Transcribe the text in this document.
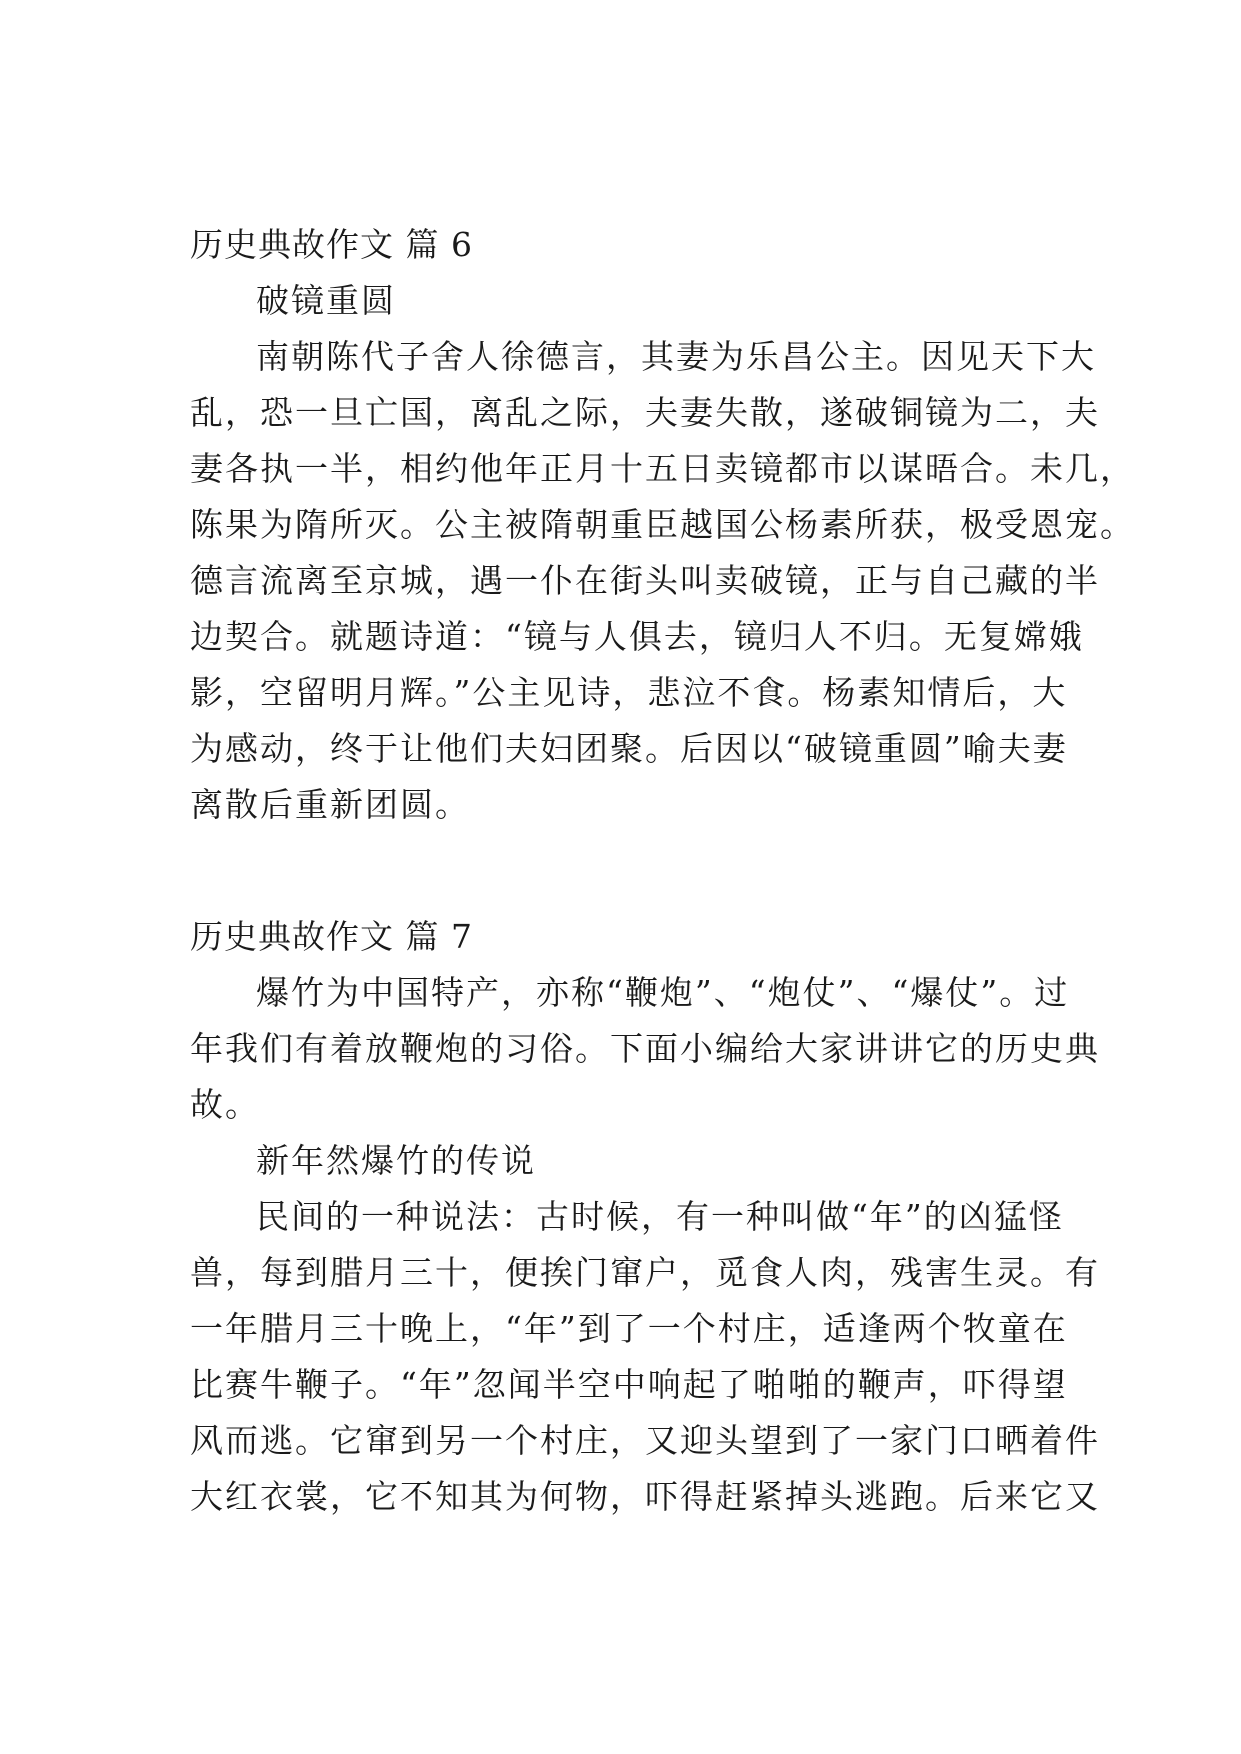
历史典故作文 篇 6
破镜重圆
南朝陈代子舍人徐德言，其妻为乐昌公主。因见天下大
乱，恐一旦亡国，离乱之际，夫妻失散，遂破铜镜为二，夫
妻各执一半，相约他年正月十五日卖镜都市以谋晤合。未几，
陈果为隋所灭。公主被隋朝重臣越国公杨素所获，极受恩宠。
德言流离至京城，遇一仆在街头叫卖破镜，正与自己藏的半
边契合。就题诗道：“镜与人俱去，镜归人不归。无复嫦娥
影，空留明月辉。”公主见诗，悲泣不食。杨素知情后，大
为感动，终于让他们夫妇团聚。后因以“破镜重圆”喻夫妻
离散后重新团圆。
历史典故作文 篇 7
爆竹为中国特产，亦称“鞭炮”、“炮仗”、“爆仗”。过
年我们有着放鞭炮的习俗。下面小编给大家讲讲它的历史典
故。
新年然爆竹的传说
民间的一种说法：古时候，有一种叫做“年”的凶猛怪
兽，每到腊月三十，便挨门窜户，觅食人肉，残害生灵。有
一年腊月三十晚上，“年”到了一个村庄，适逢两个牧童在
比赛牛鞭子。“年”忽闻半空中响起了啪啪的鞭声，吓得望
风而逃。它窜到另一个村庄，又迎头望到了一家门口晒着件
大红衣裳，它不知其为何物，吓得赶紧掉头逃跑。后来它又
